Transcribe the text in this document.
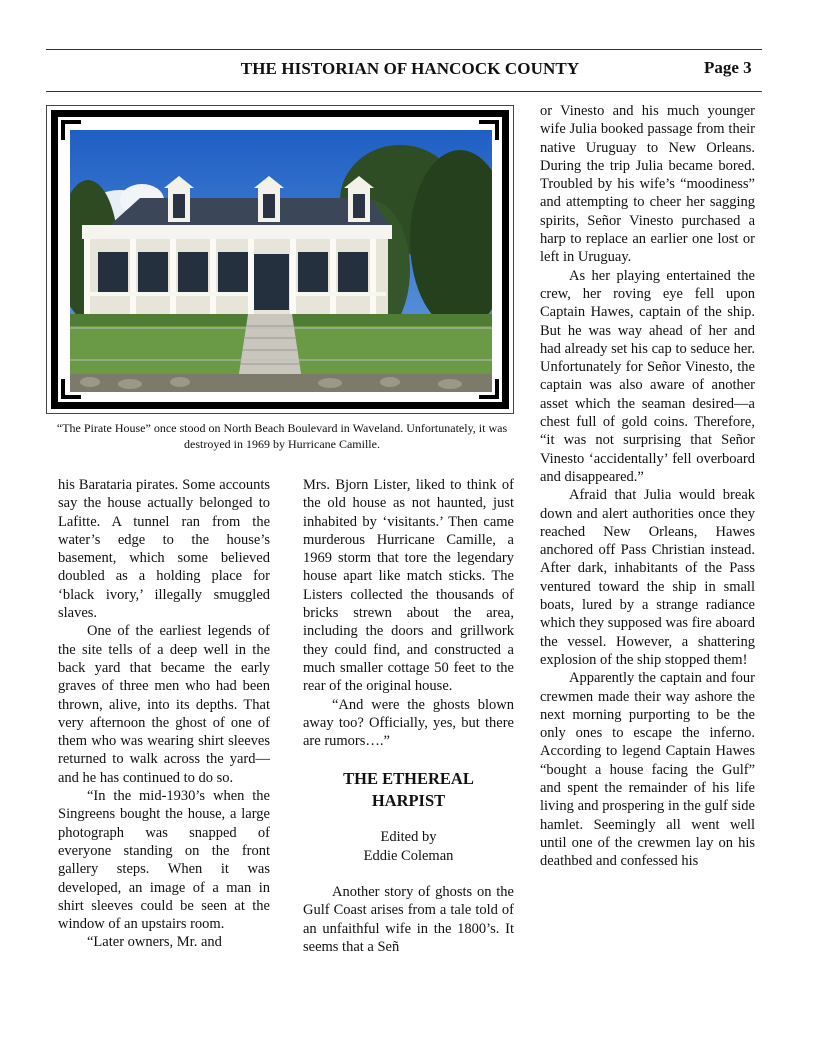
THE HISTORIAN OF HANCOCK COUNTY	Page 3
“The Pirate House” once stood on North Beach Boulevard in Waveland. Unfortunately, it was destroyed in 1969 by Hurricane Camille.

his Barataria pirates. Some accounts say the house actually belonged to Lafitte. A tunnel ran from the water’s edge to the house’s basement, which some believed doubled as a holding place for ‘black ivory,’ illegally smuggled slaves.

One of the earliest legends of the site tells of a deep well in the back yard that became the early graves of three men who had been thrown, alive, into its depths. That very afternoon the ghost of one of them who was wearing shirt sleeves returned to walk across the yard—and he has continued to do so.

“In the mid-1930’s when the Singreens bought the house, a large photograph was snapped of everyone standing on the front gallery steps. When it was developed, an image of a man in shirt sleeves could be seen at the window of an upstairs room.

“Later owners, Mr. and

Mrs. Bjorn Lister, liked to think of the old house as not haunted, just inhabited by ‘visitants.’ Then came murderous Hurricane Camille, a 1969 storm that tore the legendary house apart like match sticks. The Listers collected the thousands of bricks strewn about the area, including the doors and grillwork they could find, and constructed a much smaller cottage 50 feet to the rear of the original house.

“And were the ghosts blown away too? Officially, yes, but there are rumors….”

THE ETHEREAL
HARPIST
Edited by
Eddie Coleman

Another story of ghosts on the Gulf Coast arises from a tale told of an unfaithful wife in the 1800’s. It seems that a Señ

or Vinesto and his much younger wife Julia booked passage from their native Uruguay to New Orleans. During the trip Julia became bored. Troubled by his wife’s “moodiness” and attempting to cheer her sagging spirits, Señor Vinesto purchased a harp to replace an earlier one lost or left in Uruguay.

As her playing entertained the crew, her roving eye fell upon Captain Hawes, captain of the ship. But he was way ahead of her and had already set his cap to seduce her. Unfortunately for Señor Vinesto, the captain was also aware of another asset which the seaman desired—a chest full of gold coins. Therefore, “it was not surprising that Señor Vinesto ‘accidentally’ fell overboard and disappeared.”

Afraid that Julia would break down and alert authorities once they reached New Orleans, Hawes anchored off Pass Christian instead. After dark, inhabitants of the Pass ventured toward the ship in small boats, lured by a strange radiance which they supposed was fire aboard the vessel. However, a shattering explosion of the ship stopped them!

Apparently the captain and four crewmen made their way ashore the next morning purporting to be the only ones to escape the inferno. According to legend Captain Hawes “bought a house facing the Gulf” and spent the remainder of his life living and prospering in the gulf side hamlet. Seemingly all went well until one of the crewmen lay on his deathbed and confessed his
